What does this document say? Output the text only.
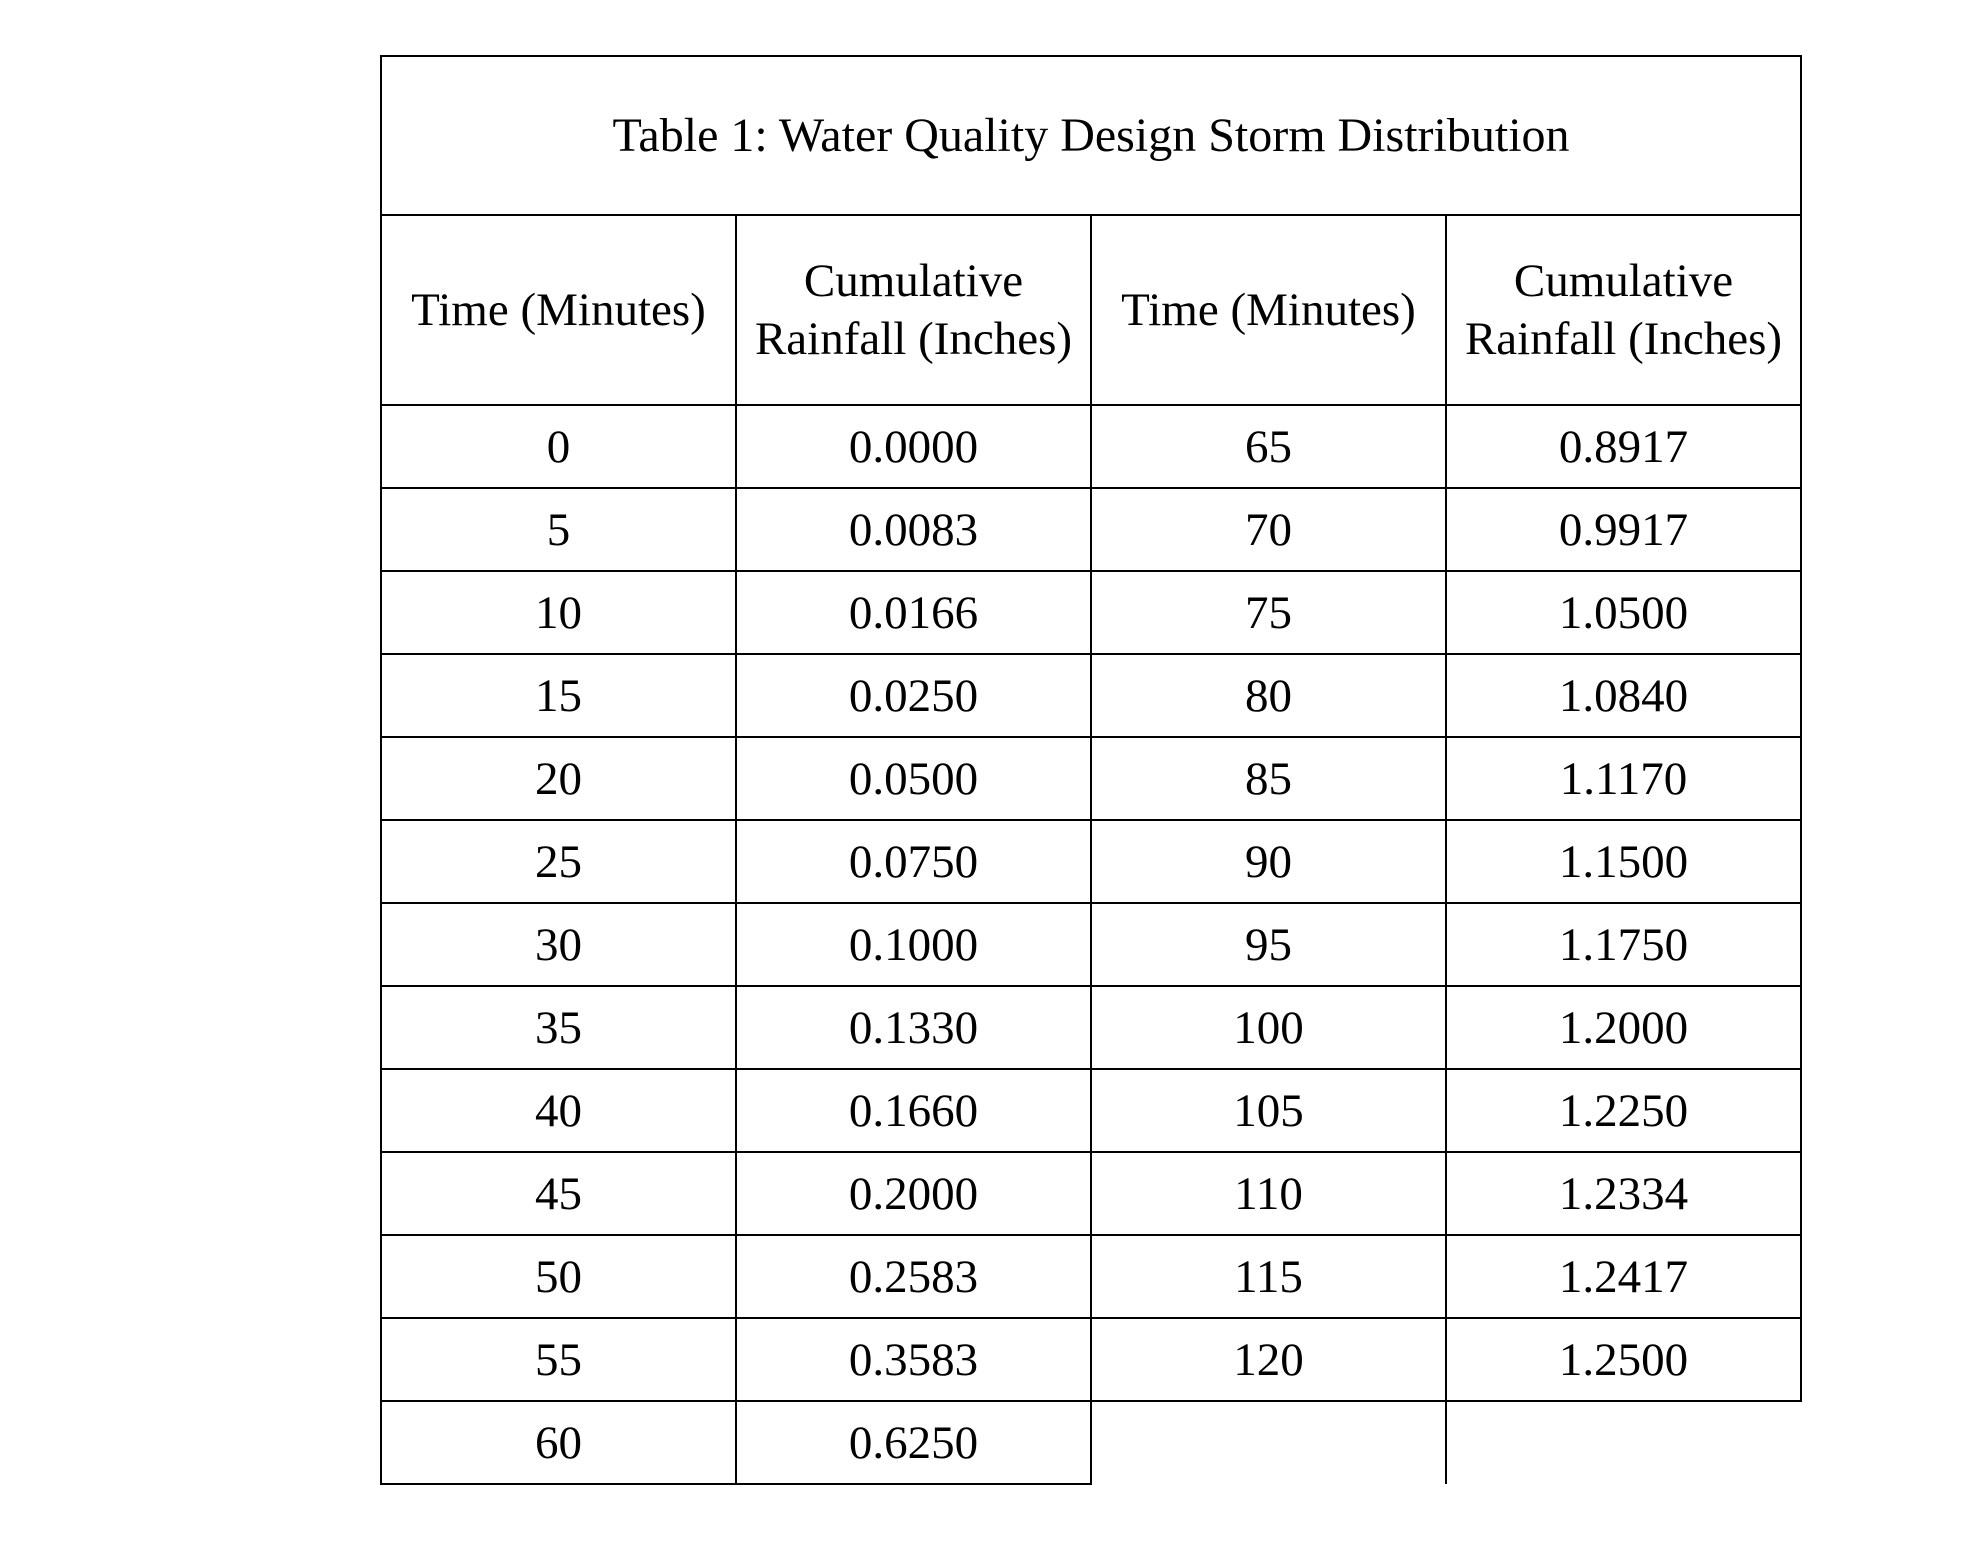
Table 1: Water Quality Design Storm Distribution			
Time (Minutes)	Cumulative Rainfall (Inches)	Time (Minutes)	Cumulative Rainfall (Inches)
0	0.0000	65	0.8917
5	0.0083	70	0.9917
10	0.0166	75	1.0500
15	0.0250	80	1.0840
20	0.0500	85	1.1170
25	0.0750	90	1.1500
30	0.1000	95	1.1750
35	0.1330	100	1.2000
40	0.1660	105	1.2250
45	0.2000	110	1.2334
50	0.2583	115	1.2417
55	0.3583	120	1.2500
60	0.6250		
